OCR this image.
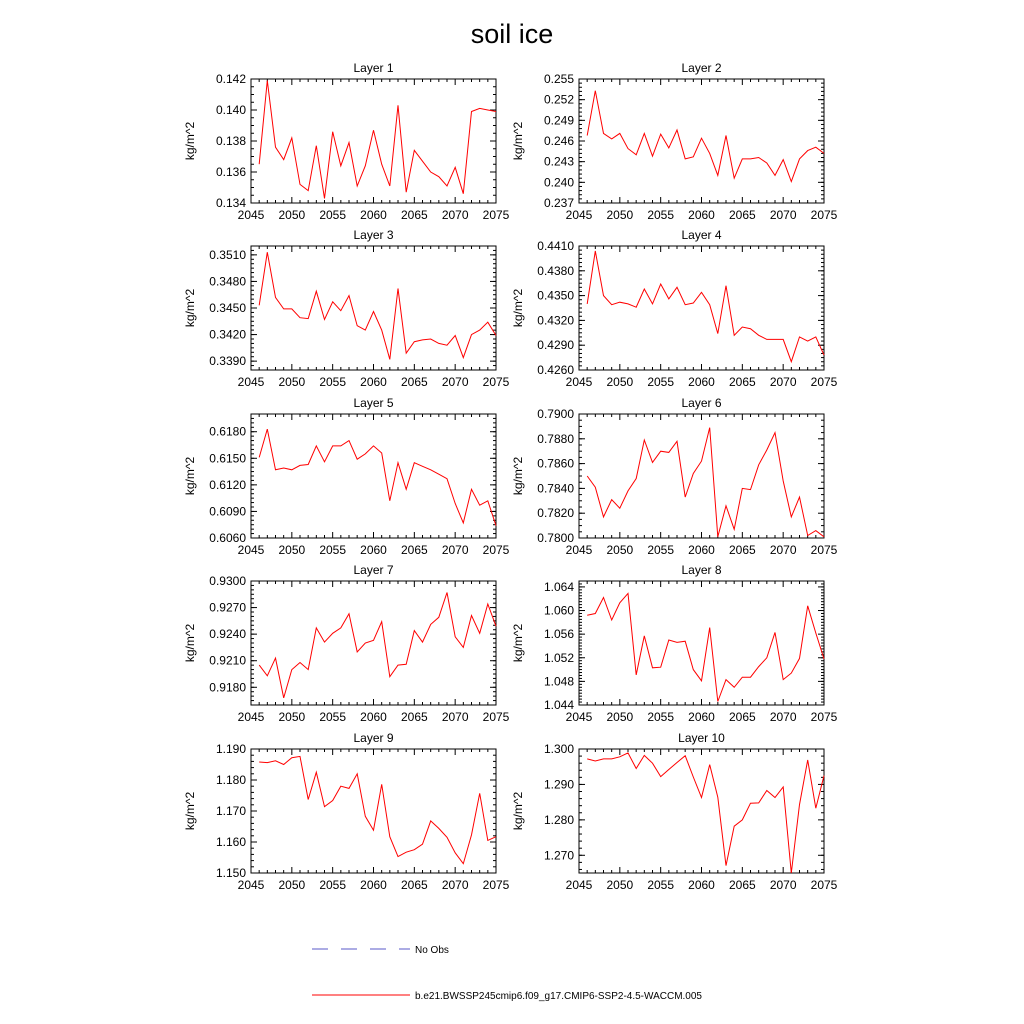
soil ice
Layer 1
2045 2050 2055 2060 2065 2070 2075
0.134
0.136
0.138
0.140
0.142
kg/m^2
Layer 2
2045 2050 2055 2060 2065 2070 2075
0.237
0.240
0.243
0.246
0.249
0.252
0.255
kg/m^2
Layer 3
2045 2050 2055 2060 2065 2070 2075
0.3390
0.3420
0.3450
0.3480
0.3510
kg/m^2
Layer 4
2045 2050 2055 2060 2065 2070 2075
0.4260
0.4290
0.4320
0.4350
0.4380
0.4410
kg/m^2
Layer 5
2045 2050 2055 2060 2065 2070 2075
0.6060
0.6090
0.6120
0.6150
0.6180
kg/m^2
Layer 6
2045 2050 2055 2060 2065 2070 2075
0.7800
0.7820
0.7840
0.7860
0.7880
0.7900
kg/m^2
Layer 7
2045 2050 2055 2060 2065 2070 2075
0.9180
0.9210
0.9240
0.9270
0.9300
kg/m^2
Layer 8
2045 2050 2055 2060 2065 2070 2075
1.044
1.048
1.052
1.056
1.060
1.064
kg/m^2
Layer 9
2045 2050 2055 2060 2065 2070 2075
1.150
1.160
1.170
1.180
1.190
kg/m^2
Layer 10
2045 2050 2055 2060 2065 2070 2075
1.270
1.280
1.290
1.300
kg/m^2
No Obs
b.e21.BWSSP245cmip6.f09_g17.CMIP6-SSP2-4.5-WACCM.005
